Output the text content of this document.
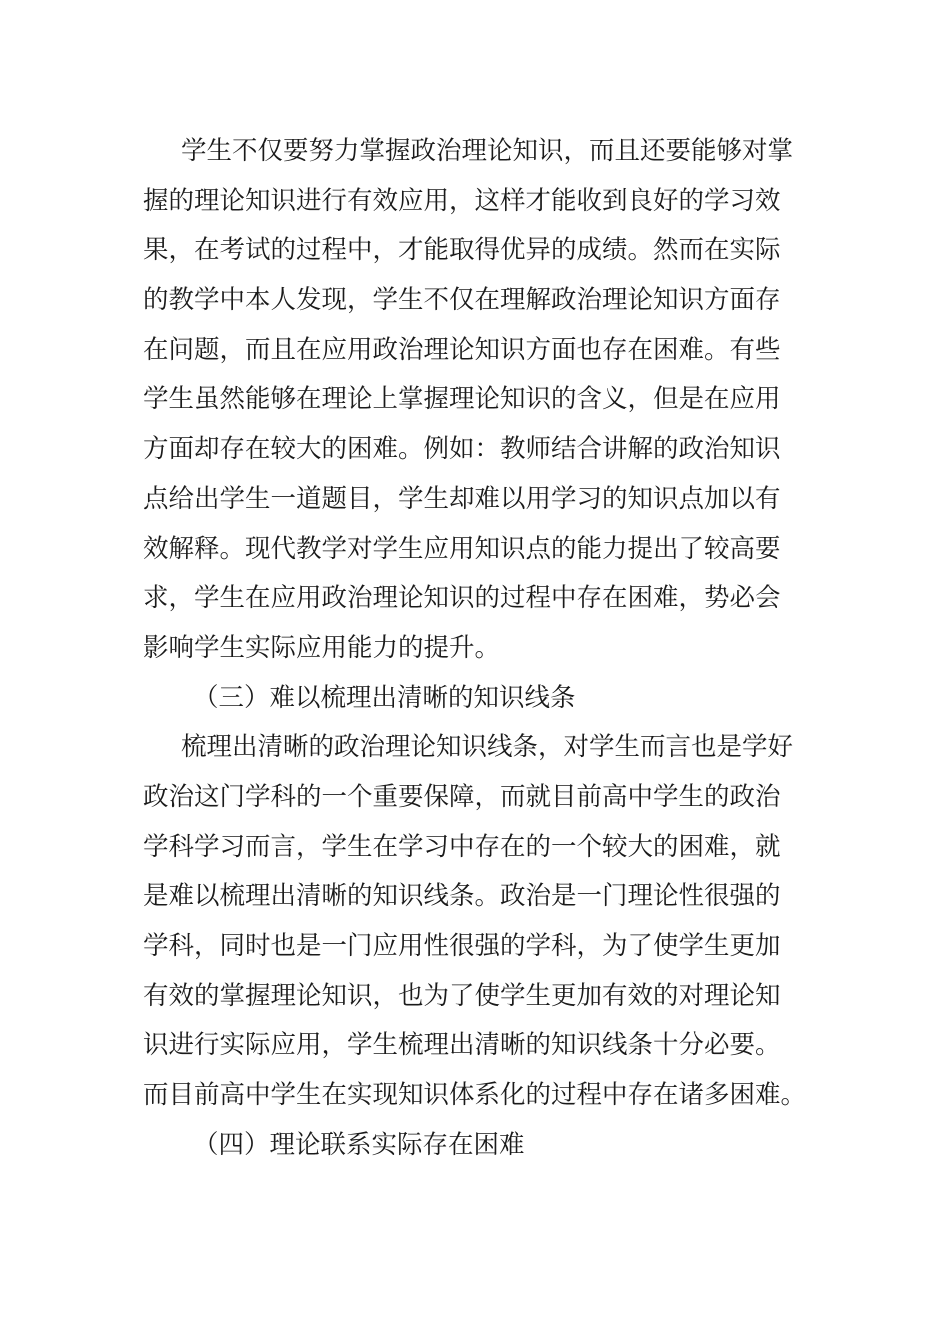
学生不仅要努力掌握政治理论知识，而且还要能够对掌
握的理论知识进行有效应用，这样才能收到良好的学习效
果，在考试的过程中，才能取得优异的成绩。然而在实际
的教学中本人发现，学生不仅在理解政治理论知识方面存
在问题，而且在应用政治理论知识方面也存在困难。有些
学生虽然能够在理论上掌握理论知识的含义，但是在应用
方面却存在较大的困难。例如：教师结合讲解的政治知识
点给出学生一道题目，学生却难以用学习的知识点加以有
效解释。现代教学对学生应用知识点的能力提出了较高要
求，学生在应用政治理论知识的过程中存在困难，势必会
影响学生实际应用能力的提升。
（三）难以梳理出清晰的知识线条
梳理出清晰的政治理论知识线条，对学生而言也是学好
政治这门学科的一个重要保障，而就目前高中学生的政治
学科学习而言，学生在学习中存在的一个较大的困难，就
是难以梳理出清晰的知识线条。政治是一门理论性很强的
学科，同时也是一门应用性很强的学科，为了使学生更加
有效的掌握理论知识，也为了使学生更加有效的对理论知
识进行实际应用，学生梳理出清晰的知识线条十分必要。
而目前高中学生在实现知识体系化的过程中存在诸多困难。
（四）理论联系实际存在困难
